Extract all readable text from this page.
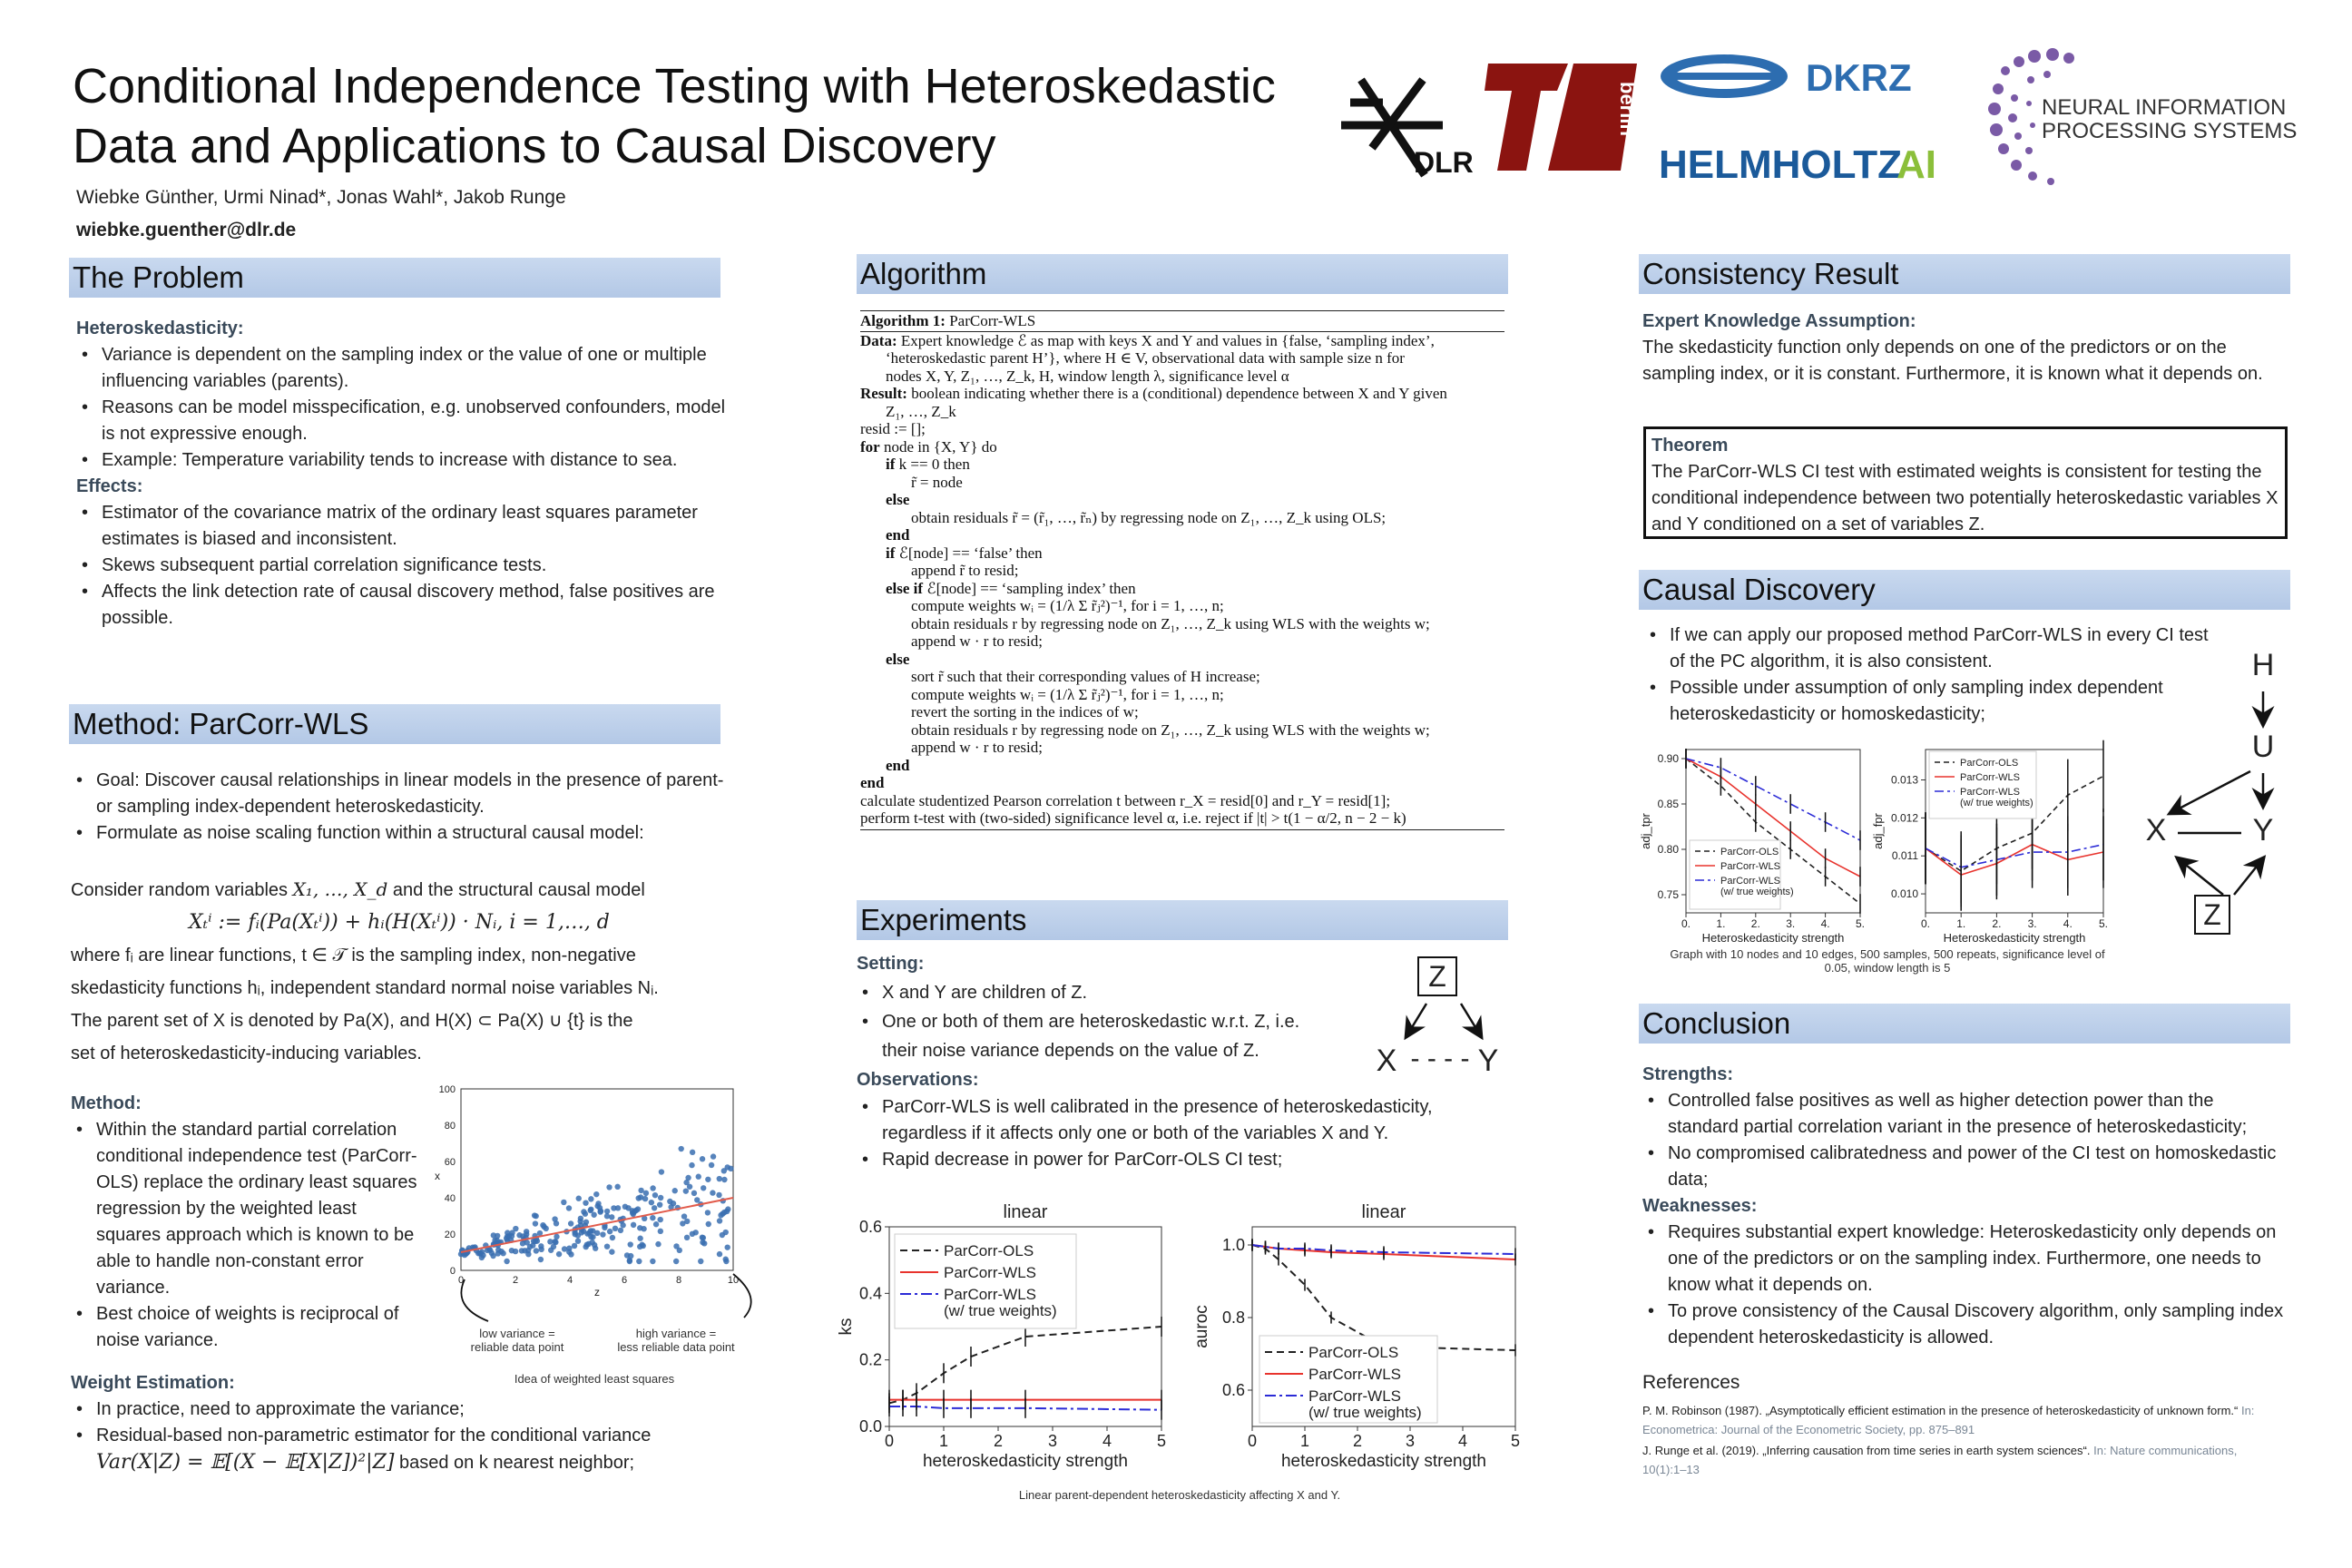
Conditional Independence Testing with Heteroskedastic
Data and Applications to Causal Discovery
Wiebke Günther, Urmi Ninad*, Jonas Wahl*, Jakob Runge
wiebke.guenther@dlr.de
DLR
berlin
DKRZ
HELMHOLTZ
AI
NEURAL INFORMATION
PROCESSING SYSTEMS
The Problem
Heteroskedasticity:
• Variance is dependent on the sampling index or the value of one or multiple influencing variables (parents).
• Reasons can be model misspecification, e.g. unobserved confounders, model is not expressive enough.
• Example: Temperature variability tends to increase with distance to sea.
Effects:
• Estimator of the covariance matrix of the ordinary least squares parameter estimates is biased and inconsistent.
• Skews subsequent partial correlation significance tests.
• Affects the link detection rate of causal discovery method, false positives are possible.
Method: ParCorr-WLS
• Goal: Discover causal relationships in linear models in the presence of parent- or sampling index-dependent heteroskedasticity.
• Formulate as noise scaling function within a structural causal model:
Consider random variables X₁, …, X_d and the structural causal model
Xₜⁱ := fᵢ(Pa(Xₜⁱ)) + hᵢ(H(Xₜⁱ)) · Nᵢ, i = 1,…, d
where fᵢ are linear functions, t ∈ 𝒯 is the sampling index, non-negative
skedasticity functions hᵢ, independent standard normal noise variables Nᵢ.
The parent set of X is denoted by Pa(X), and H(X) ⊂ Pa(X) ∪ {t} is the
set of heteroskedasticity-inducing variables.
Method:
• Within the standard partial correlation conditional independence test (ParCorr-OLS) replace the ordinary least squares regression by the weighted least squares approach which is known to be able to handle non-constant error variance.
• Best choice of weights is reciprocal of noise variance.
Weight Estimation:
• In practice, need to approximate the variance;
• Residual-based non-parametric estimator for the conditional variance
Var(X|Z) = 𝔼[(X − 𝔼[X|Z])²|Z] based on k nearest neighbor;
0	2	4	6	8	10
0
20
40
60
80
100
z
x
low variance =
reliable data point
high variance =
less reliable data point
Idea of weighted least squares
Algorithm
Algorithm 1: ParCorr-WLS
Data: Expert knowledge ℰ as map with keys X and Y and values in {false, ‘sampling index’,
‘heteroskedastic parent H’}, where H ∈ V, observational data with sample size n for
nodes X, Y, Z₁, …, Z_k, H, window length λ, significance level α
Result: boolean indicating whether there is a (conditional) dependence between X and Y given
Z₁, …, Z_k
resid := [];
for node in {X, Y} do
if k == 0 then
r̃ = node
else
obtain residuals r̃ = (r̃₁, …, r̃ₙ) by regressing node on Z₁, …, Z_k using OLS;
end
if ℰ[node] == ‘false’ then
append r̃ to resid;
else if ℰ[node] == ‘sampling index’ then
compute weights wᵢ = (1/λ Σ r̃ⱼ²)⁻¹, for i = 1, …, n;
obtain residuals r by regressing node on Z₁, …, Z_k using WLS with the weights w;
append w · r to resid;
else
sort r̃ such that their corresponding values of H increase;
compute weights wᵢ = (1/λ Σ r̃ⱼ²)⁻¹, for i = 1, …, n;
revert the sorting in the indices of w;
obtain residuals r by regressing node on Z₁, …, Z_k using WLS with the weights w;
append w · r to resid;
end
end
calculate studentized Pearson correlation t between r_X = resid[0] and r_Y = resid[1];
perform t-test with (two-sided) significance level α, i.e. reject if |t| > t(1 − α/2, n − 2 − k)
Experiments
Setting:
• X and Y are children of Z.
• One or both of them are heteroskedastic w.r.t. Z, i.e. their noise variance depends on the value of Z.
Observations:
• ParCorr-WLS is well calibrated in the presence of heteroskedasticity, regardless if it affects only one or both of the variables X and Y.
• Rapid decrease in power for ParCorr-OLS CI test;
Z
X - - - - Y
linear
0	1	2	3	4	5
0.0
0.2
0.4
0.6
heteroskedasticity strength
ks
ParCorr-OLS
ParCorr-WLS
ParCorr-WLS (w/ true weights)
linear
0	1	2	3	4	5
0.6
0.8
1.0
heteroskedasticity strength
auroc
ParCorr-OLS
ParCorr-WLS
ParCorr-WLS (w/ true weights)
Linear parent-dependent heteroskedasticity affecting X and Y.
Consistency Result
Expert Knowledge Assumption:
The skedasticity function only depends on one of the predictors or on the sampling index, or it is constant. Furthermore, it is known what it depends on.
Theorem
The ParCorr-WLS CI test with estimated weights is consistent for testing the conditional independence between two potentially heteroskedastic variables X and Y conditioned on a set of variables Z.
Causal Discovery
• If we can apply our proposed method ParCorr-WLS in every CI test of the PC algorithm, it is also consistent.
• Possible under assumption of only sampling index dependent heteroskedasticity or homoskedasticity;
0. 1. 2. 3. 4. 5.
0.75
0.80
0.85
0.90
Heteroskedasticity strength
adj_tpr
ParCorr-OLS
ParCorr-WLS
ParCorr-WLS (w/ true weights)
0. 1. 2. 3. 4. 5.
0.010
0.011
0.012
0.013
Heteroskedasticity strength
adj_fpr
ParCorr-OLS
ParCorr-WLS
ParCorr-WLS (w/ true weights)
Graph with 10 nodes and 10 edges, 500 samples, 500 repeats, significance level of 0.05, window length is 5
H
U
X	Y
Z
Conclusion
Strengths:
• Controlled false positives as well as higher detection power than the standard partial correlation variant in the presence of heteroskedasticity;
• No compromised calibratedness and power of the CI test on homoskedastic data;
Weaknesses:
• Requires substantial expert knowledge: Heteroskedasticity only depends on one of the predictors or on the sampling index. Furthermore, one needs to know what it depends on.
• To prove consistency of the Causal Discovery algorithm, only sampling index dependent heteroskedasticity is allowed.
References
P. M. Robinson (1987). „Asymptotically efficient estimation in the presence of heteroskedasticity of unknown form.“ In:
Econometrica: Journal of the Econometric Society, pp. 875–891
J. Runge et al. (2019). „Inferring causation from time series in earth system sciences“. In: Nature communications,
10(1):1–13
